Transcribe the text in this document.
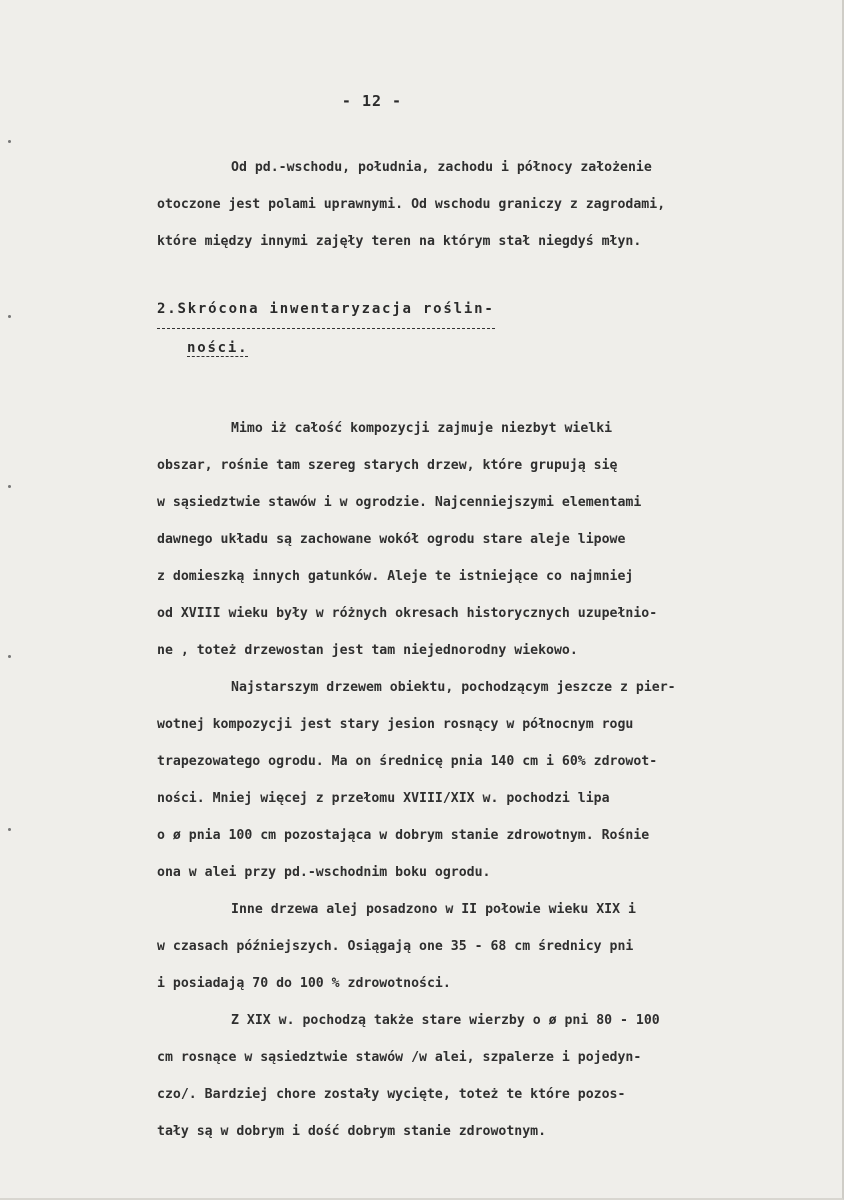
- 12 -
Od pd.-wschodu, południa, zachodu i północy założenie
otoczone jest polami uprawnymi. Od wschodu graniczy z zagrodami,
które między innymi zajęły teren na którym stał niegdyś młyn.
2.Skrócona inwentaryzacja roślin-
ności.
Mimo iż całość kompozycji zajmuje niezbyt wielki
obszar, rośnie tam szereg starych drzew, które grupują się
w sąsiedztwie stawów i w ogrodzie. Najcenniejszymi elementami
dawnego układu są zachowane wokół ogrodu stare aleje lipowe
z domieszką innych gatunków. Aleje te istniejące co najmniej
od XVIII wieku były w różnych okresach historycznych uzupełnio-
ne , toteż drzewostan jest tam niejednorodny wiekowo.
Najstarszym drzewem obiektu, pochodzącym jeszcze z pier-
wotnej kompozycji jest stary jesion rosnący w północnym rogu
trapezowatego ogrodu. Ma on średnicę pnia 140 cm i 60% zdrowot-
ności. Mniej więcej z przełomu XVIII/XIX w. pochodzi lipa
o ø pnia 100 cm pozostająca w dobrym stanie zdrowotnym. Rośnie
ona w alei przy pd.-wschodnim boku ogrodu.
Inne drzewa alej posadzono w II połowie wieku XIX i
w czasach późniejszych. Osiągają one 35 - 68 cm średnicy pni
i posiadają 70 do 100 % zdrowotności.
Z XIX w. pochodzą także stare wierzby o ø pni 80 - 100
cm rosnące w sąsiedztwie stawów /w alei, szpalerze i pojedyn-
czo/. Bardziej chore zostały wycięte, toteż te które pozos-
tały są w dobrym i dość dobrym stanie zdrowotnym.
